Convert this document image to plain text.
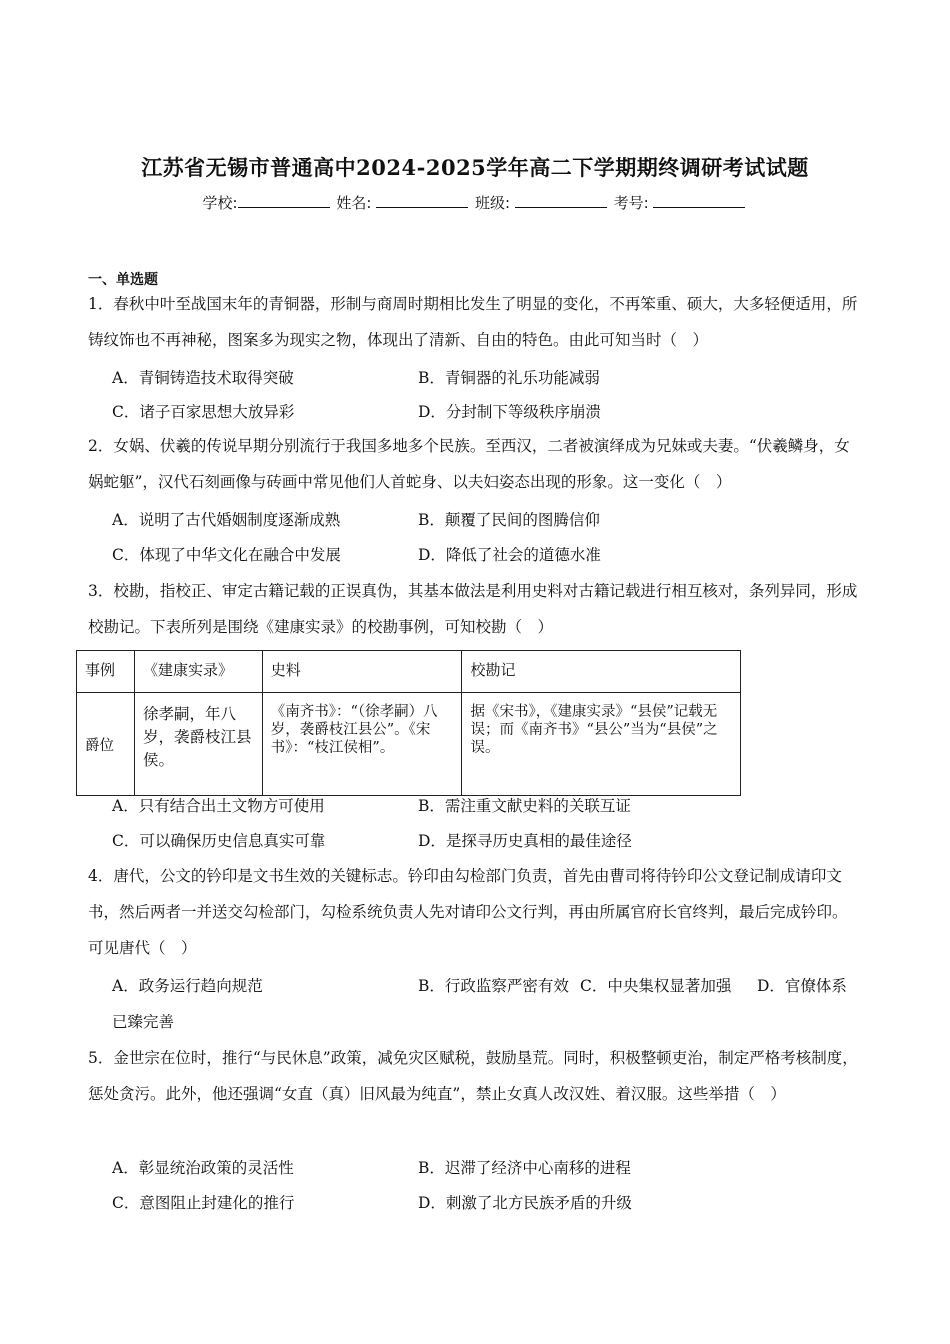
江苏省无锡市普通高中2024-2025学年高二下学期期终调研考试试题
学校:	姓名:	班级:	考号:
一、单选题
1．春秋中叶至战国末年的青铜器，形制与商周时期相比发生了明显的变化，不再笨重、硕大，大多轻便适用，所铸纹饰也不再神秘，图案多为现实之物，体现出了清新、自由的特色。由此可知当时（　）
A．青铜铸造技术取得突破	B．青铜器的礼乐功能减弱
C．诸子百家思想大放异彩	D．分封制下等级秩序崩溃
2．女娲、伏羲的传说早期分别流行于我国多地多个民族。至西汉，二者被演绎成为兄妹或夫妻。“伏羲鳞身，女娲蛇躯”，汉代石刻画像与砖画中常见他们人首蛇身、以夫妇姿态出现的形象。这一变化（　）
A．说明了古代婚姻制度逐渐成熟	B．颠覆了民间的图腾信仰
C．体现了中华文化在融合中发展	D．降低了社会的道德水准
3．校勘，指校正、审定古籍记载的正误真伪，其基本做法是利用史料对古籍记载进行相互核对，条列异同，形成校勘记。下表所列是围绕《建康实录》的校勘事例，可知校勘（　）
事例	《建康实录》	史料	校勘记
爵位	徐孝嗣，年八岁，袭爵枝江县侯。	《南齐书》：“（徐孝嗣）八岁，袭爵枝江县公”。《宋书》：“枝江侯相”。	据《宋书》，《建康实录》“县侯”记载无误；而《南齐书》“县公”当为“县侯”之误。
A．只有结合出土文物方可使用	B．需注重文献史料的关联互证
C．可以确保历史信息真实可靠	D．是探寻历史真相的最佳途径
4．唐代，公文的钤印是文书生效的关键标志。钤印由勾检部门负责，首先由曹司将待钤印公文登记制成请印文书，然后两者一并送交勾检部门，勾检系统负责人先对请印公文行判，再由所属官府长官终判，最后完成钤印。可见唐代（　）
A．政务运行趋向规范	B．行政监察严密有效 C．中央集权显著加强	D．官僚体系已臻完善
5．金世宗在位时，推行“与民休息”政策，减免灾区赋税，鼓励垦荒。同时，积极整顿吏治，制定严格考核制度，惩处贪污。此外，他还强调“女直（真）旧风最为纯直”，禁止女真人改汉姓、着汉服。这些举措（　）
A．彰显统治政策的灵活性	B．迟滞了经济中心南移的进程
C．意图阻止封建化的推行	D．刺激了北方民族矛盾的升级
